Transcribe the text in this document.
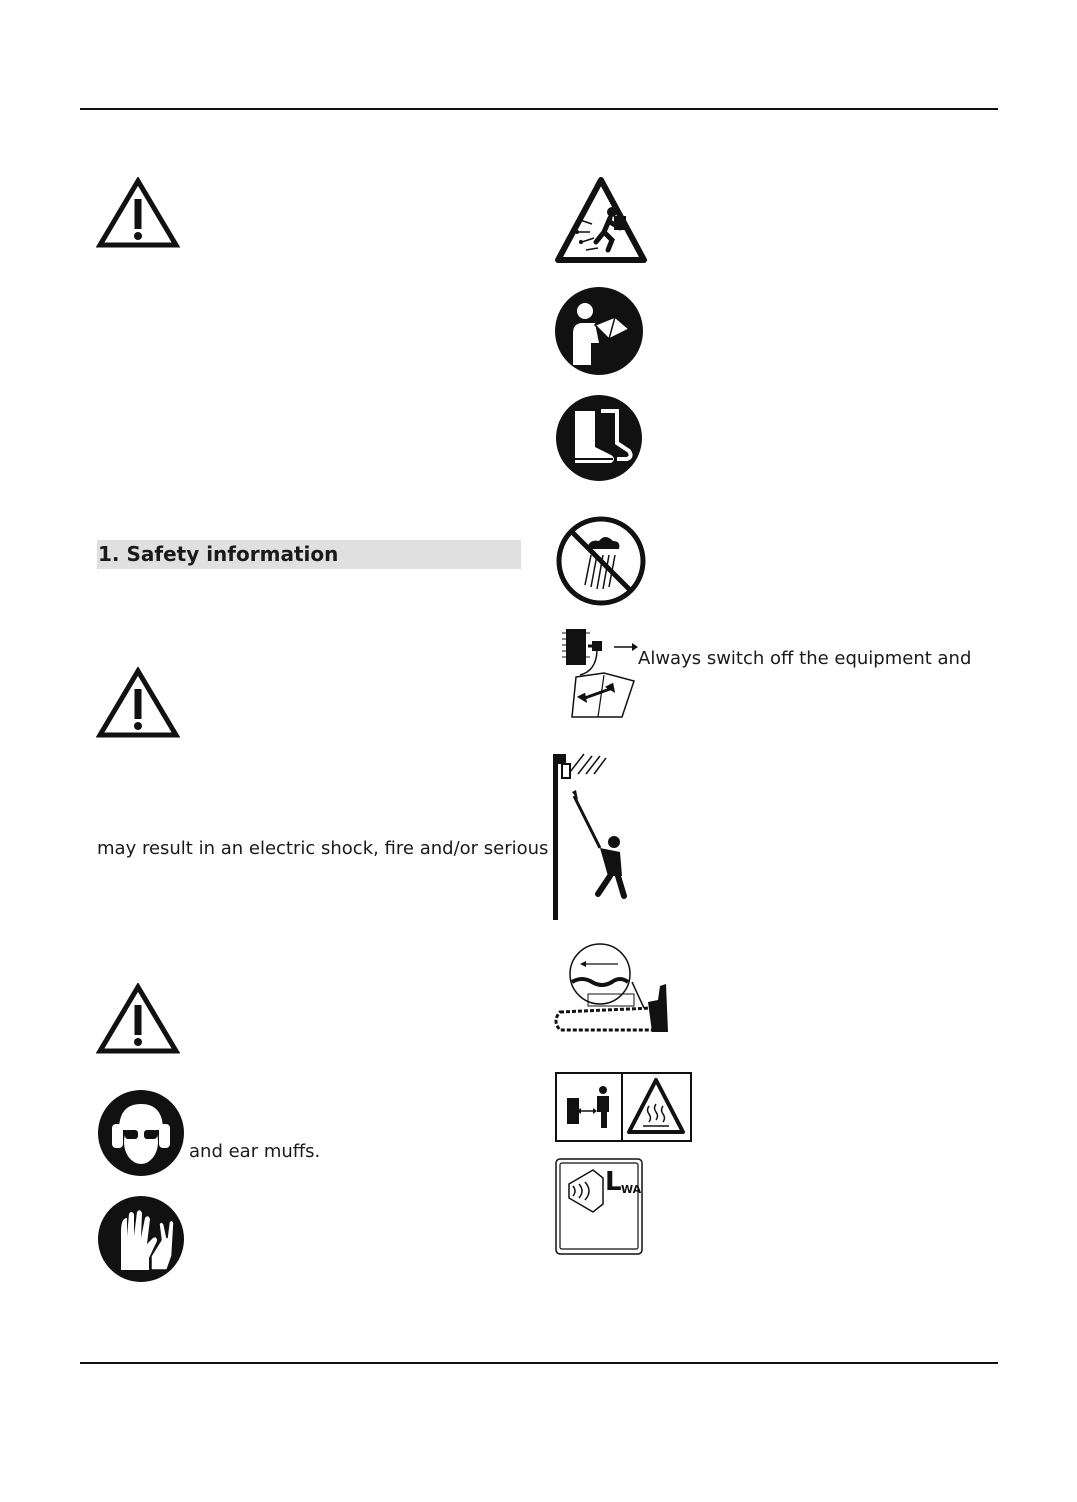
1. Safety information
may result in an electric shock, fire and/or serious
and ear muffs.
Always switch off the equipment and
L WA
